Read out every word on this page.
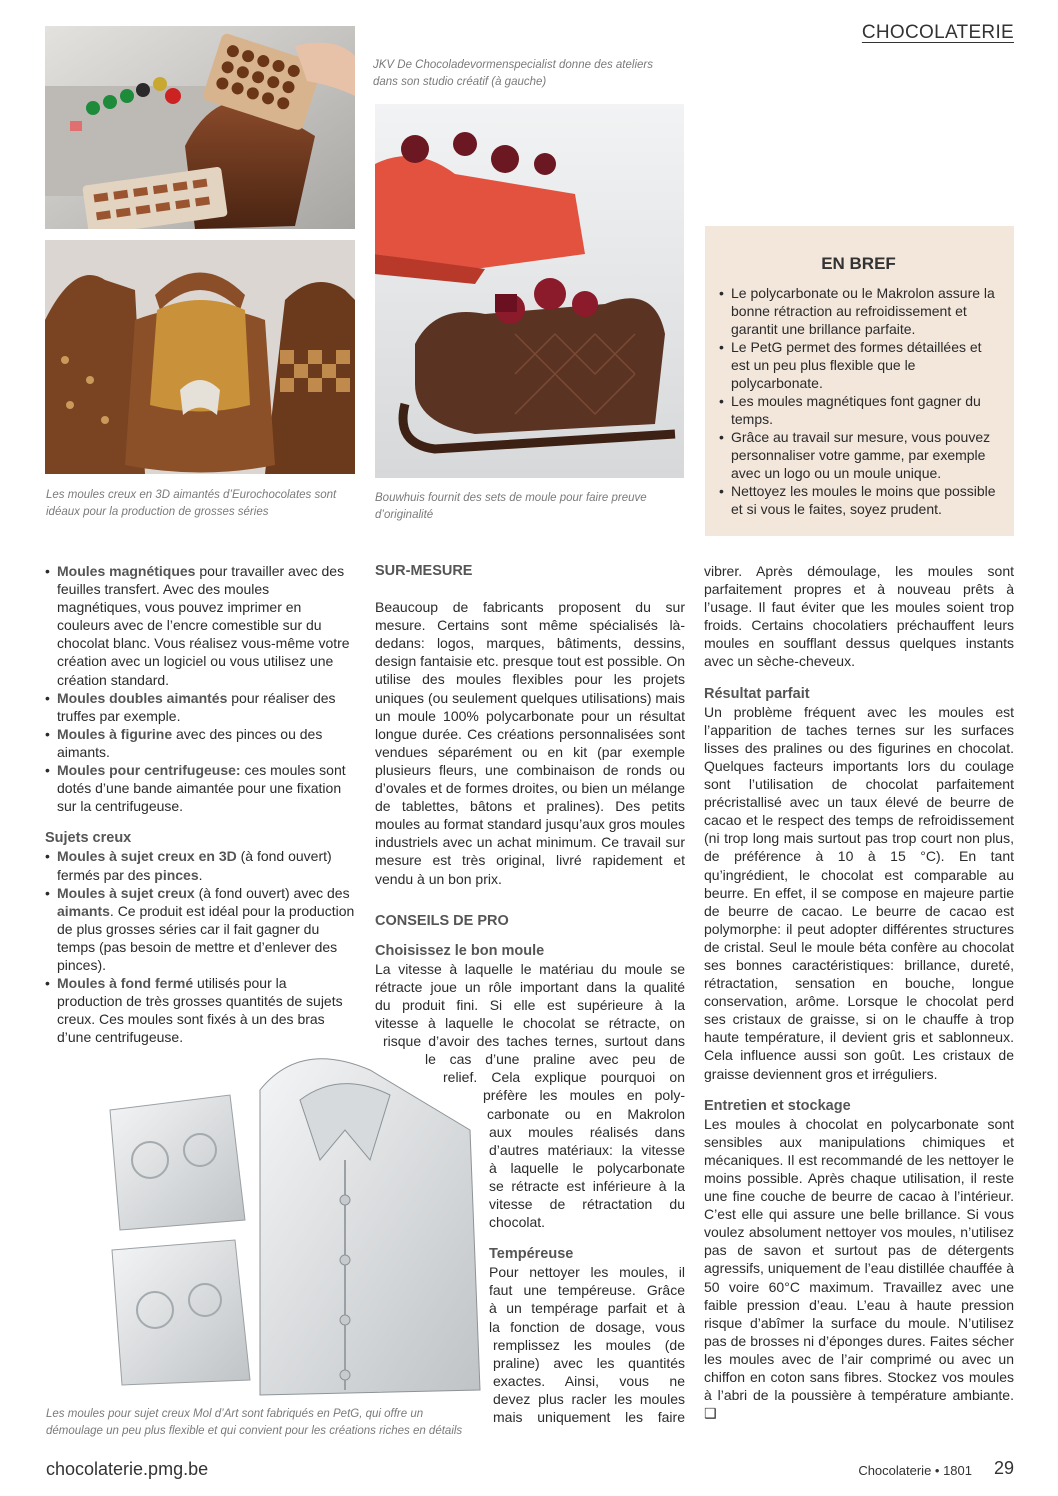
CHOCOLATERIE
JKV De Chocoladevormenspecialist donne des ateliers dans son studio créatif (à gauche)
Les moules creux en 3D aimantés d’Eurochocolates sont idéaux pour la production de grosses séries
Bouwhuis fournit des sets de moule pour faire preuve d’originalité
EN BREF
• Le polycarbonate ou le Makrolon assure la bonne rétraction au refroidissement et garantit une brillance parfaite.
• Le PetG permet des formes détaillées et est un peu plus flexible que le polycarbonate.
• Les moules magnétiques font gagner du temps.
• Grâce au travail sur mesure, vous pouvez personnaliser votre gamme, par exemple avec un logo ou un moule unique.
• Nettoyez les moules le moins que possible et si vous le faites, soyez prudent.
• Moules magnétiques pour travailler avec des feuilles transfert. Avec des moules magnétiques, vous pouvez imprimer en couleurs avec de l’encre comestible sur du chocolat blanc. Vous réalisez vous-même votre création avec un logiciel ou vous utilisez une création standard.
• Moules doubles aimantés pour réaliser des truffes par exemple.
• Moules à figurine avec des pinces ou des aimants.
• Moules pour centrifugeuse: ces moules sont dotés d’une bande aimantée pour une fixation sur la centrifugeuse.
Sujets creux
• Moules à sujet creux en 3D (à fond ouvert) fermés par des pinces.
• Moules à sujet creux (à fond ouvert) avec des aimants. Ce produit est idéal pour la production de plus grosses séries car il fait gagner du temps (pas besoin de mettre et d’enlever des pinces).
• Moules à fond fermé utilisés pour la production de très grosses quantités de sujets creux. Ces moules sont fixés à un des bras d’une centrifugeuse.
Les moules pour sujet creux Mol d’Art sont fabriqués en PetG, qui offre un démoulage un peu plus flexible et qui convient pour les créations riches en détails
SUR-MESURE

Beaucoup de fabricants proposent du sur mesure. Certains sont même spécialisés là-dedans: logos, marques, bâtiments, dessins, design fantaisie etc. presque tout est possible. On utilise des moules flexibles pour les projets uniques (ou seulement quelques utilisations) mais un moule 100% polycarbonate pour un résultat longue durée. Ces créations personnalisées sont vendues séparément ou en kit (par exemple plusieurs fleurs, une combinaison de ronds ou d’ovales et de formes droites, ou bien un mélange de tablettes, bâtons et pralines). Des petits moules au format standard jusqu’aux gros moules industriels avec un achat minimum. Ce travail sur mesure est très original, livré rapidement et vendu à un bon prix.

CONSEILS DE PRO
Choisissez le bon moule
La vitesse à laquelle le matériau du moule se
rétracte joue un rôle important dans la qualité
du produit fini. Si elle est supérieure à la
vitesse à laquelle le chocolat se rétracte, on
risque d’avoir des taches ternes, surtout dans
le cas d’une praline avec peu de
relief. Cela explique pourquoi on
préfère les moules en poly-
carbonate ou en Makrolon
aux moules réalisés dans
d’autres matériaux: la vitesse
à laquelle le polycarbonate
se rétracte est inférieure à la
vitesse de rétractation du
chocolat.
Tempéreuse
Pour nettoyer les moules, il
faut une tempéreuse. Grâce
à un tempérage parfait et à
la fonction de dosage, vous
remplissez les moules (de
praline) avec les quantités
exactes. Ainsi, vous ne
devez plus racler les moules
mais uniquement les faire

vibrer. Après démoulage, les moules sont parfaitement propres et à nouveau prêts à l’usage. Il faut éviter que les moules soient trop froids. Certains chocolatiers préchauffent leurs moules en soufflant dessus quelques instants avec un sèche-cheveux.

Résultat parfait

Un problème fréquent avec les moules est l’apparition de taches ternes sur les surfaces lisses des pralines ou des figurines en chocolat. Quelques facteurs importants lors du coulage sont l’utilisation de chocolat parfaitement précristallisé avec un taux élevé de beurre de cacao et le respect des temps de refroidissement (ni trop long mais surtout pas trop court non plus, de préférence à 10 à 15 °C). En tant qu’ingrédient, le chocolat est comparable au beurre. En effet, il se compose en majeure partie de beurre de cacao. Le beurre de cacao est polymorphe: il peut adopter différentes structures de cristal. Seul le moule béta confère au chocolat ses bonnes caractéristiques: brillance, dureté, rétractation, sensation en bouche, longue conservation, arôme. Lorsque le chocolat perd ses cristaux de graisse, si on le chauffe à trop haute température, il devient gris et sablonneux. Cela influence aussi son goût. Les cristaux de graisse deviennent gros et irréguliers.

Entretien et stockage

Les moules à chocolat en polycarbonate sont sensibles aux manipulations chimiques et mécaniques. Il est recommandé de les nettoyer le moins possible. Après chaque utilisation, il reste une fine couche de beurre de cacao à l’intérieur. C’est elle qui assure une belle brillance. Si vous voulez absolument nettoyer vos moules, n’utilisez pas de savon et surtout pas de détergents agressifs, uniquement de l’eau distillée chauffée à 50 voire 60°C maximum. Travaillez avec une faible pression d’eau. L’eau à haute pression risque d’abîmer la surface du moule. N’utilisez pas de brosses ni d’éponges dures. Faites sécher les moules avec de l’air comprimé ou avec un chiffon en coton sans fibres. Stockez vos moules à l’abri de la poussière à température ambiante. ❑

chocolaterie.pmg.be	Chocolaterie • 1801 29
